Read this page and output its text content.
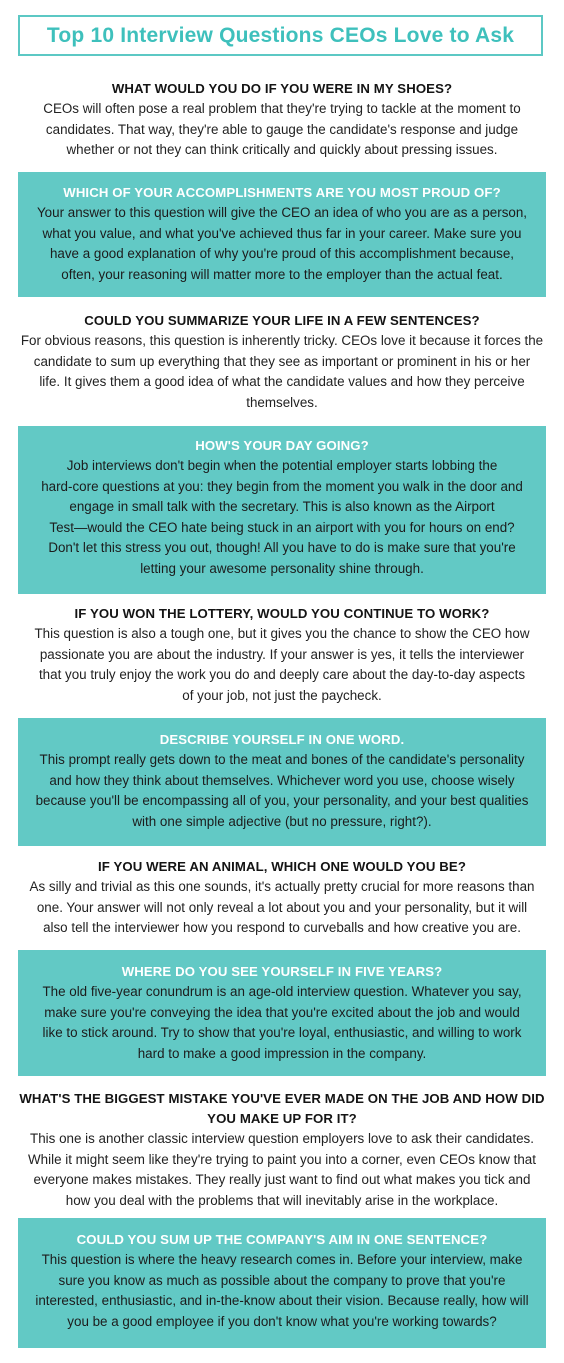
Top 10 Interview Questions CEOs Love to Ask
WHAT WOULD YOU DO IF YOU WERE IN MY SHOES?

CEOs will often pose a real problem that they're trying to tackle at the moment to

candidates. That way, they're able to gauge the candidate's response and judge

whether or not they can think critically and quickly about pressing issues.

WHICH OF YOUR ACCOMPLISHMENTS ARE YOU MOST PROUD OF?

Your answer to this question will give the CEO an idea of who you are as a person,

what you value, and what you've achieved thus far in your career. Make sure you

have a good explanation of why you're proud of this accomplishment because,

often, your reasoning will matter more to the employer than the actual feat.

COULD YOU SUMMARIZE YOUR LIFE IN A FEW SENTENCES?

For obvious reasons, this question is inherently tricky. CEOs love it because it forces the

candidate to sum up everything that they see as important or prominent in his or her

life. It gives them a good idea of what the candidate values and how they perceive

themselves.

HOW'S YOUR DAY GOING?

Job interviews don't begin when the potential employer starts lobbing the

hard-core questions at you: they begin from the moment you walk in the door and

engage in small talk with the secretary. This is also known as the Airport

Test—would the CEO hate being stuck in an airport with you for hours on end?

Don't let this stress you out, though! All you have to do is make sure that you're

letting your awesome personality shine through.

IF YOU WON THE LOTTERY, WOULD YOU CONTINUE TO WORK?

This question is also a tough one, but it gives you the chance to show the CEO how

passionate you are about the industry. If your answer is yes, it tells the interviewer

that you truly enjoy the work you do and deeply care about the day-to-day aspects

of your job, not just the paycheck.

DESCRIBE YOURSELF IN ONE WORD.

This prompt really gets down to the meat and bones of the candidate's personality

and how they think about themselves. Whichever word you use, choose wisely

because you'll be encompassing all of you, your personality, and your best qualities

with one simple adjective (but no pressure, right?).

IF YOU WERE AN ANIMAL, WHICH ONE WOULD YOU BE?

As silly and trivial as this one sounds, it's actually pretty crucial for more reasons than

one. Your answer will not only reveal a lot about you and your personality, but it will

also tell the interviewer how you respond to curveballs and how creative you are.

WHERE DO YOU SEE YOURSELF IN FIVE YEARS?

The old five-year conundrum is an age-old interview question. Whatever you say,

make sure you're conveying the idea that you're excited about the job and would

like to stick around. Try to show that you're loyal, enthusiastic, and willing to work

hard to make a good impression in the company.

WHAT'S THE BIGGEST MISTAKE YOU'VE EVER MADE ON THE JOB AND HOW DID
YOU MAKE UP FOR IT?

This one is another classic interview question employers love to ask their candidates.

While it might seem like they're trying to paint you into a corner, even CEOs know that

everyone makes mistakes. They really just want to find out what makes you tick and

how you deal with the problems that will inevitably arise in the workplace.

COULD YOU SUM UP THE COMPANY'S AIM IN ONE SENTENCE?

This question is where the heavy research comes in. Before your interview, make

sure you know as much as possible about the company to prove that you're

interested, enthusiastic, and in-the-know about their vision. Because really, how will

you be a good employee if you don't know what you're working towards?
